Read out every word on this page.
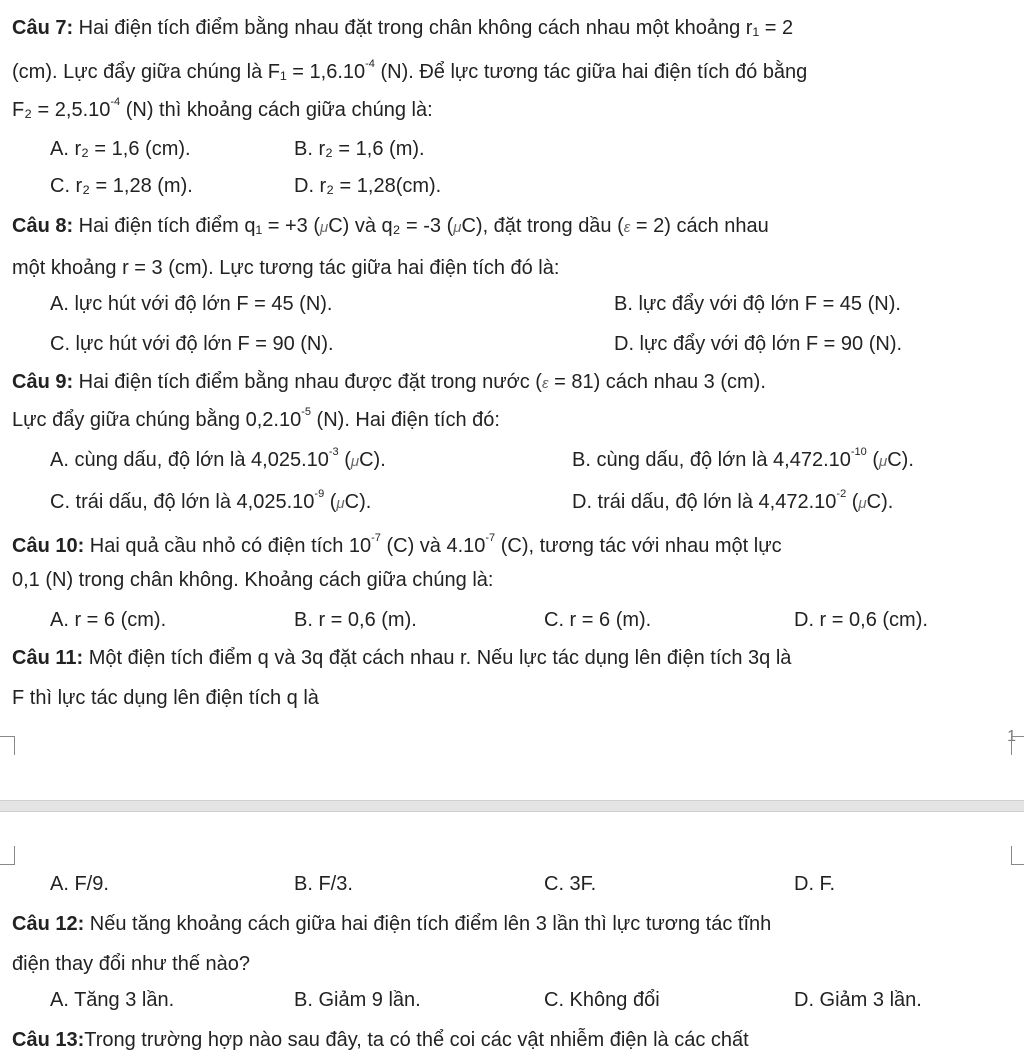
Câu 7: Hai điện tích điểm bằng nhau đặt trong chân không cách nhau một khoảng r₁ = 2
(cm). Lực đẩy giữa chúng là $F_1 = 1,6.10^{-4}$ (N). Để lực tương tác giữa hai điện tích đó bằng
$F_2 = 2,5.10^{-4}$ (N) thì khoảng cách giữa chúng là:
A. r₂ = 1,6 (cm).	B. r₂ = 1,6 (m).
C. r₂ = 1,28 (m).	D. r₂ = 1,28(cm).
Câu 8: Hai điện tích điểm q₁ = +3 (μC) và q₂ = -3 (μC), đặt trong dầu (ε = 2) cách nhau
một khoảng r = 3 (cm). Lực tương tác giữa hai điện tích đó là:
A. lực hút với độ lớn F = 45 (N).	B. lực đẩy với độ lớn F = 45 (N).
C. lực hút với độ lớn F = 90 (N).	D. lực đẩy với độ lớn F = 90 (N).
Câu 9: Hai điện tích điểm bằng nhau được đặt trong nước (ε = 81) cách nhau 3 (cm).
Lực đẩy giữa chúng bằng $0,2.10^{-5}$ (N). Hai điện tích đó:
A. cùng dấu, độ lớn là $4,025.10^{-3}$ (μC).	B. cùng dấu, độ lớn là $4,472.10^{-10}$ (μC).
C. trái dấu, độ lớn là $4,025.10^{-9}$ (μC).	D. trái dấu, độ lớn là $4,472.10^{-2}$ (μC).
Câu 10: Hai quả cầu nhỏ có điện tích $10^{-7}$ (C) và $4.10^{-7}$ (C), tương tác với nhau một lực
0,1 (N) trong chân không. Khoảng cách giữa chúng là:
A. r = 6 (cm).	B. r = 0,6 (m).	C. r = 6 (m).	D. r = 0,6 (cm).
Câu 11: Một điện tích điểm q và 3q đặt cách nhau r. Nếu lực tác dụng lên điện tích 3q là
F thì lực tác dụng lên điện tích q là
1
A. F/9.	B. F/3.	C. 3F.	D. F.
Câu 12: Nếu tăng khoảng cách giữa hai điện tích điểm lên 3 lần thì lực tương tác tĩnh
điện thay đổi như thế nào?
A. Tăng 3 lần.	B. Giảm 9 lần.	C. Không đổi	D. Giảm 3 lần.
Câu 13:Trong trường hợp nào sau đây, ta có thể coi các vật nhiễm điện là các chất
